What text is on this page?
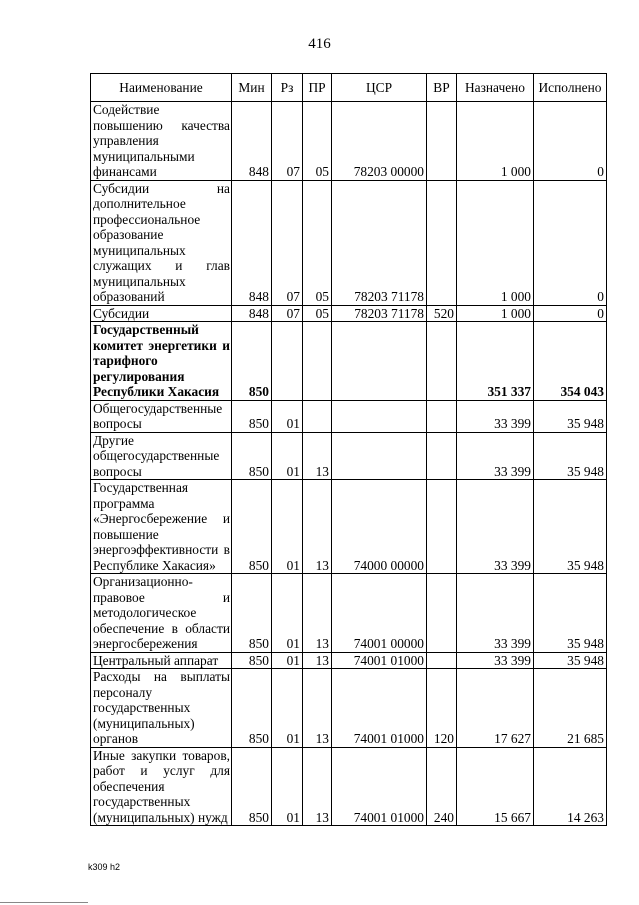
416
Наименование	Мин	Рз	ПР	ЦСР	ВР	Назначено	Исполнено
Содействие повышению качества управления муниципальными финансами	848	07	05	78203 00000		1 000	0
Субсидии на дополнительное профессиональное образование муниципальных служащих и глав муниципальных образований	848	07	05	78203 71178		1 000	0
Субсидии	848	07	05	78203 71178	520	1 000	0
Государственный комитет энергетики и тарифного регулирования Республики Хакасия	850					351 337	354 043
Общегосударственные вопросы	850	01				33 399	35 948
Другие общегосударственные вопросы	850	01	13			33 399	35 948
Государственная программа «Энергосбережение и повышение энергоэффективности в Республике Хакасия»	850	01	13	74000 00000		33 399	35 948
Организационно-правовое и методологическое обеспечение в области энергосбережения	850	01	13	74001 00000		33 399	35 948
Центральный аппарат	850	01	13	74001 01000		33 399	35 948
Расходы на выплаты персоналу государственных (муниципальных) органов	850	01	13	74001 01000	120	17 627	21 685
Иные закупки товаров, работ и услуг для обеспечения государственных (муниципальных) нужд	850	01	13	74001 01000	240	15 667	14 263
k309 h2
